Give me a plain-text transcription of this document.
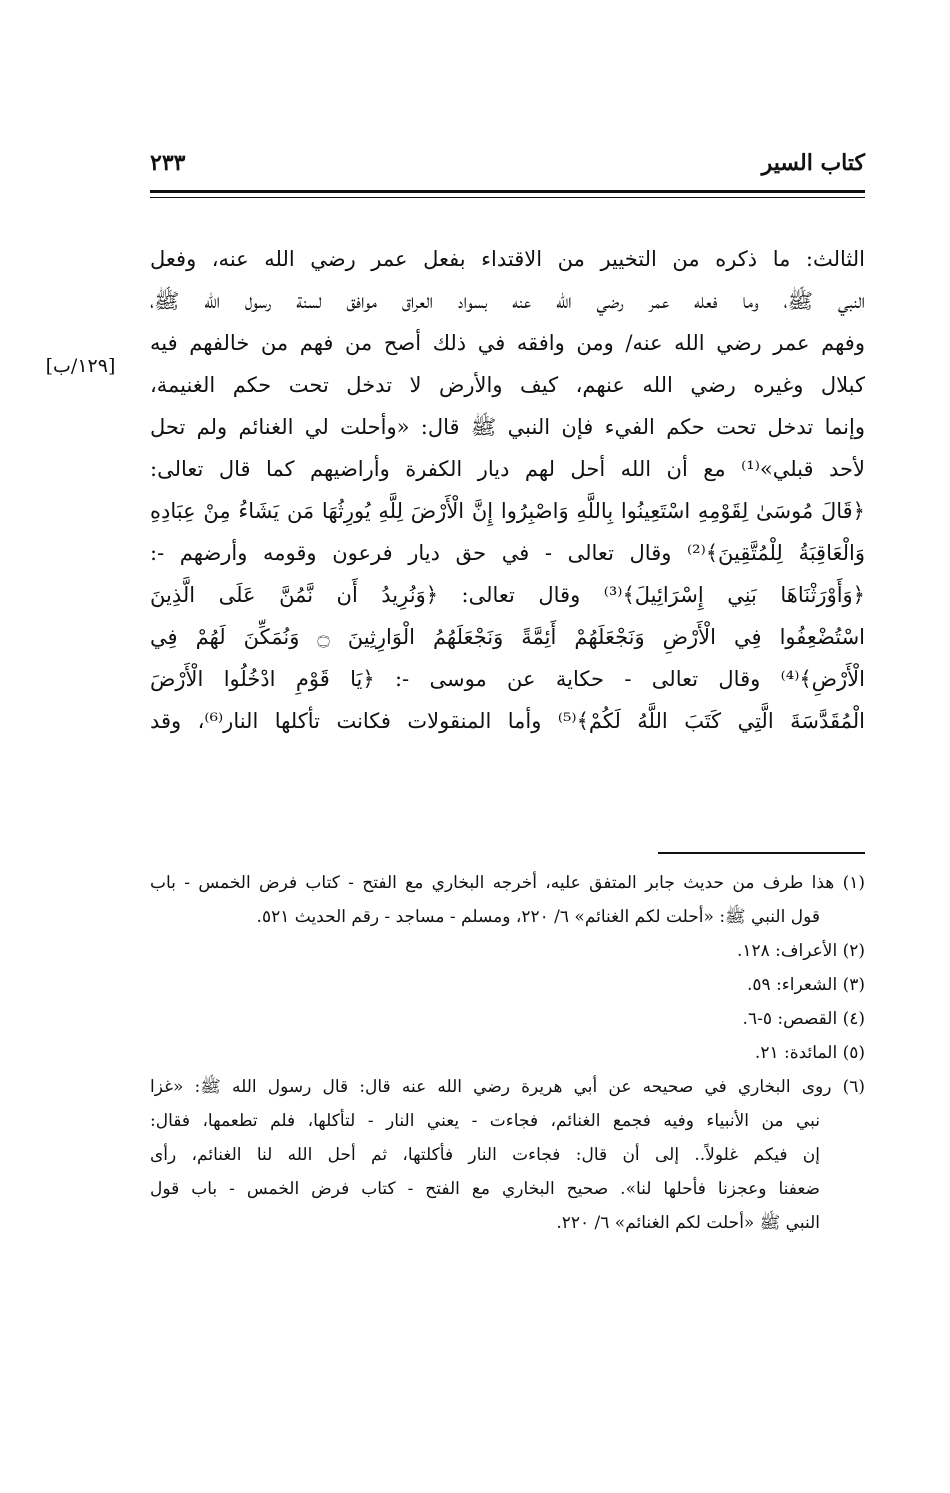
كتاب السير
٢٣٣
[١٢٩/ب]
الثالث: ما ذكره من التخيير من الاقتداء بفعل عمر رضي الله عنه، وفعل
النبي ﷺ، وما فعله عمر رضي الله عنه بسواد العراق موافق لسنة رسول الله ﷺ،
وفهم عمر رضي الله عنه/ ومن وافقه في ذلك أصح من فهم من خالفهم فيه
كبلال وغيره رضي الله عنهم، كيف والأرض لا تدخل تحت حكم الغنيمة،
وإنما تدخل تحت حكم الفيء فإن النبي ﷺ قال: «وأحلت لي الغنائم ولم تحل
لأحد قبلي»⁽¹⁾ مع أن الله أحل لهم ديار الكفرة وأراضيهم كما قال تعالى:
﴿قَالَ مُوسَىٰ لِقَوْمِهِ اسْتَعِينُوا بِاللَّهِ وَاصْبِرُوا إِنَّ الْأَرْضَ لِلَّهِ يُورِثُهَا مَن يَشَاءُ مِنْ عِبَادِهِ
وَالْعَاقِبَةُ لِلْمُتَّقِينَ﴾⁽²⁾ وقال تعالى - في حق ديار فرعون وقومه وأرضهم -:
﴿وَأَوْرَثْنَاهَا بَنِي إِسْرَائِيلَ﴾⁽³⁾ وقال تعالى: ﴿وَنُرِيدُ أَن نَّمُنَّ عَلَى الَّذِينَ
اسْتُضْعِفُوا فِي الْأَرْضِ وَنَجْعَلَهُمْ أَئِمَّةً وَنَجْعَلَهُمُ الْوَارِثِينَ ۝ وَنُمَكِّنَ لَهُمْ فِي
الْأَرْضِ﴾⁽⁴⁾ وقال تعالى - حكاية عن موسى -: ﴿يَا قَوْمِ ادْخُلُوا الْأَرْضَ
الْمُقَدَّسَةَ الَّتِي كَتَبَ اللَّهُ لَكُمْ﴾⁽⁵⁾ وأما المنقولات فكانت تأكلها النار⁽⁶⁾، وقد
(١) هذا طرف من حديث جابر المتفق عليه، أخرجه البخاري مع الفتح - كتاب فرض الخمس - باب
قول النبي ﷺ: «أحلت لكم الغنائم» ٦/ ٢٢٠، ومسلم - مساجد - رقم الحديث ٥٢١.
(٢) الأعراف: ١٢٨.
(٣) الشعراء: ٥٩.
(٤) القصص: ٥-٦.
(٥) المائدة: ٢١.
(٦) روى البخاري في صحيحه عن أبي هريرة رضي الله عنه قال: قال رسول الله ﷺ: «غزا
نبي من الأنبياء وفيه فجمع الغنائم، فجاءت - يعني النار - لتأكلها، فلم تطعمها، فقال:
إن فيكم غلولاً.. إلى أن قال: فجاءت النار فأكلتها، ثم أحل الله لنا الغنائم، رأى
ضعفنا وعجزنا فأحلها لنا». صحيح البخاري مع الفتح - كتاب فرض الخمس - باب قول
النبي ﷺ «أحلت لكم الغنائم» ٦/ ٢٢٠.
